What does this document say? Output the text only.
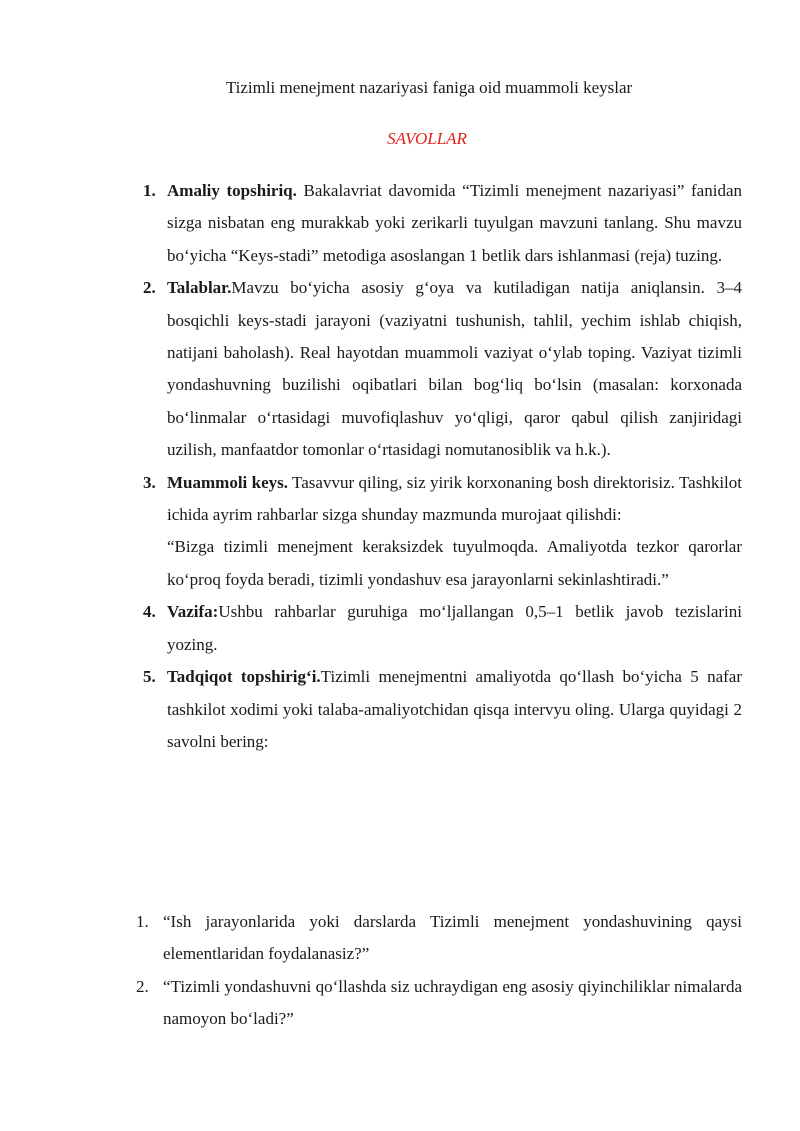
Tizimli menejment nazariyasi faniga oid muammoli keyslar
SAVOLLAR
1. Amaliy topshiriq. Bakalavriat davomida “Tizimli menejment nazariyasi” fanidan sizga nisbatan eng murakkab yoki zerikarli tuyulgan mavzuni tanlang. Shu mavzu boʻyicha “Keys-stadi” metodiga asoslangan 1 betlik dars ishlanmasi (reja) tuzing.

2. Talablar.Mavzu boʻyicha asosiy gʻoya va kutiladigan natija aniqlansin. 3–4 bosqichli keys-stadi jarayoni (vaziyatni tushunish, tahlil, yechim ishlab chiqish, natijani baholash). Real hayotdan muammoli vaziyat oʻylab toping. Vaziyat tizimli yondashuvning buzilishi oqibatlari bilan bogʻliq boʻlsin (masalan: korxonada boʻlinmalar oʻrtasidagi muvofiqlashuv yoʻqligi, qaror qabul qilish zanjiridagi uzilish, manfaatdor tomonlar oʻrtasidagi nomutanosiblik va h.k.).

3. Muammoli keys. Tasavvur qiling, siz yirik korxonaning bosh direktorisiz. Tashkilot ichida ayrim rahbarlar sizga shunday mazmunda murojaat qilishdi:

“Bizga tizimli menejment keraksizdek tuyulmoqda. Amaliyotda tezkor qarorlar koʻproq foyda beradi, tizimli yondashuv esa jarayonlarni sekinlashtiradi.”

4. Vazifa:Ushbu rahbarlar guruhiga moʻljallangan 0,5–1 betlik javob tezislarini yozing.

5. Tadqiqot topshirigʻi.Tizimli menejmentni amaliyotda qoʻllash boʻyicha 5 nafar tashkilot xodimi yoki talaba-amaliyotchidan qisqa intervyu oling. Ularga quyidagi 2 savolni bering:

1. “Ish jarayonlarida yoki darslarda Tizimli menejment yondashuvining qaysi elementlaridan foydalanasiz?”
2. “Tizimli yondashuvni qoʻllashda siz uchraydigan eng asosiy qiyinchiliklar nimalarda namoyon boʻladi?”
